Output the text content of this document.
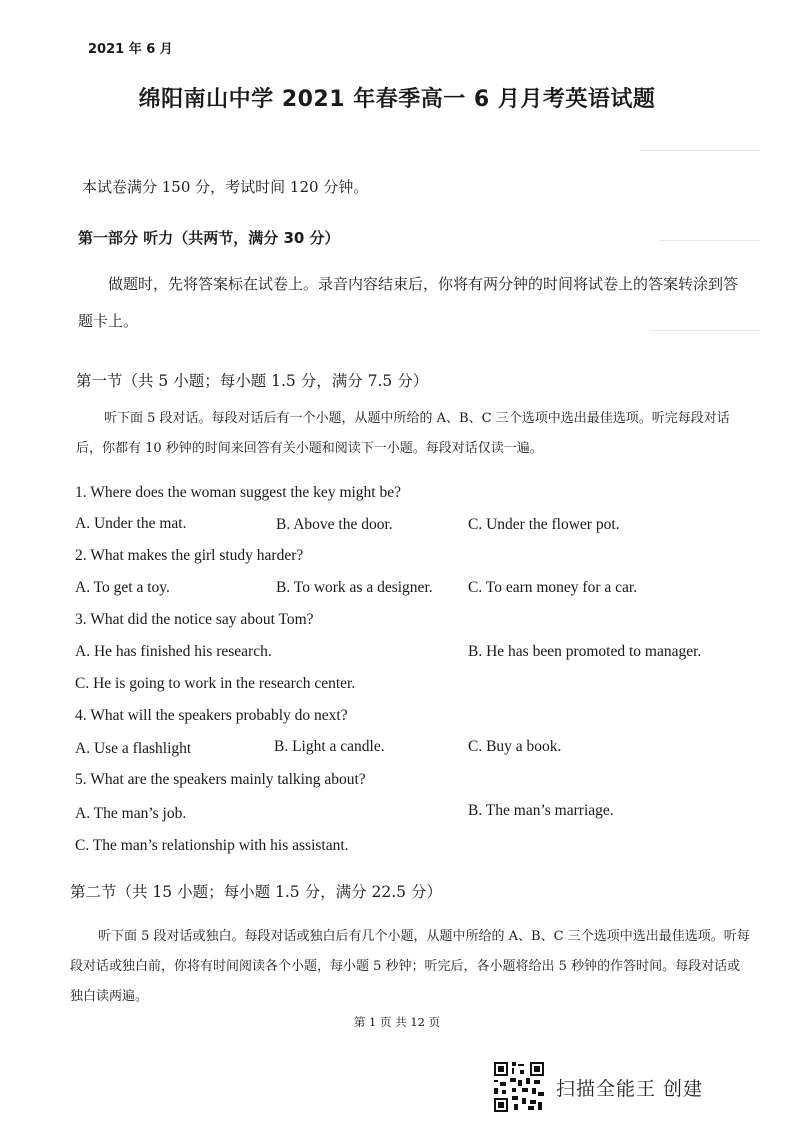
2021 年 6 月
绵阳南山中学 2021 年春季高一 6 月月考英语试题
本试卷满分 150 分，考试时间 120 分钟。
第一部分 听力（共两节，满分 30 分）
做题时，先将答案标在试卷上。录音内容结束后，你将有两分钟的时间将试卷上的答案转涂到答题卡上。
第一节（共 5 小题；每小题 1.5 分，满分 7.5 分）
听下面 5 段对话。每段对话后有一个小题，从题中所给的 A、B、C 三个选项中选出最佳选项。听完每段对话后，你都有 10 秒钟的时间来回答有关小题和阅读下一小题。每段对话仅读一遍。
1. Where does the woman suggest the key might be?
A. Under the mat.	B. Above the door.	C. Under the flower pot.
2. What makes the girl study harder?
A. To get a toy.	B. To work as a designer. C. To earn money for a car.
3. What did the notice say about Tom?
A. He has finished his research.	B. He has been promoted to manager.
C. He is going to work in the research center.
4. What will the speakers probably do next?
A. Use a flashlight	B. Light a candle.	C. Buy a book.
5. What are the speakers mainly talking about?
A. The man’s job.	B. The man’s marriage.
C. The man’s relationship with his assistant.
第二节（共 15 小题；每小题 1.5 分，满分 22.5 分）
听下面 5 段对话或独白。每段对话或独白后有几个小题，从题中所给的 A、B、C 三个选项中选出最佳选项。听每段对话或独白前，你将有时间阅读各个小题，每小题 5 秒钟；听完后，各小题将给出 5 秒钟的作答时间。每段对话或独白读两遍。
第 1 页 共 12 页
扫描全能王 创建
